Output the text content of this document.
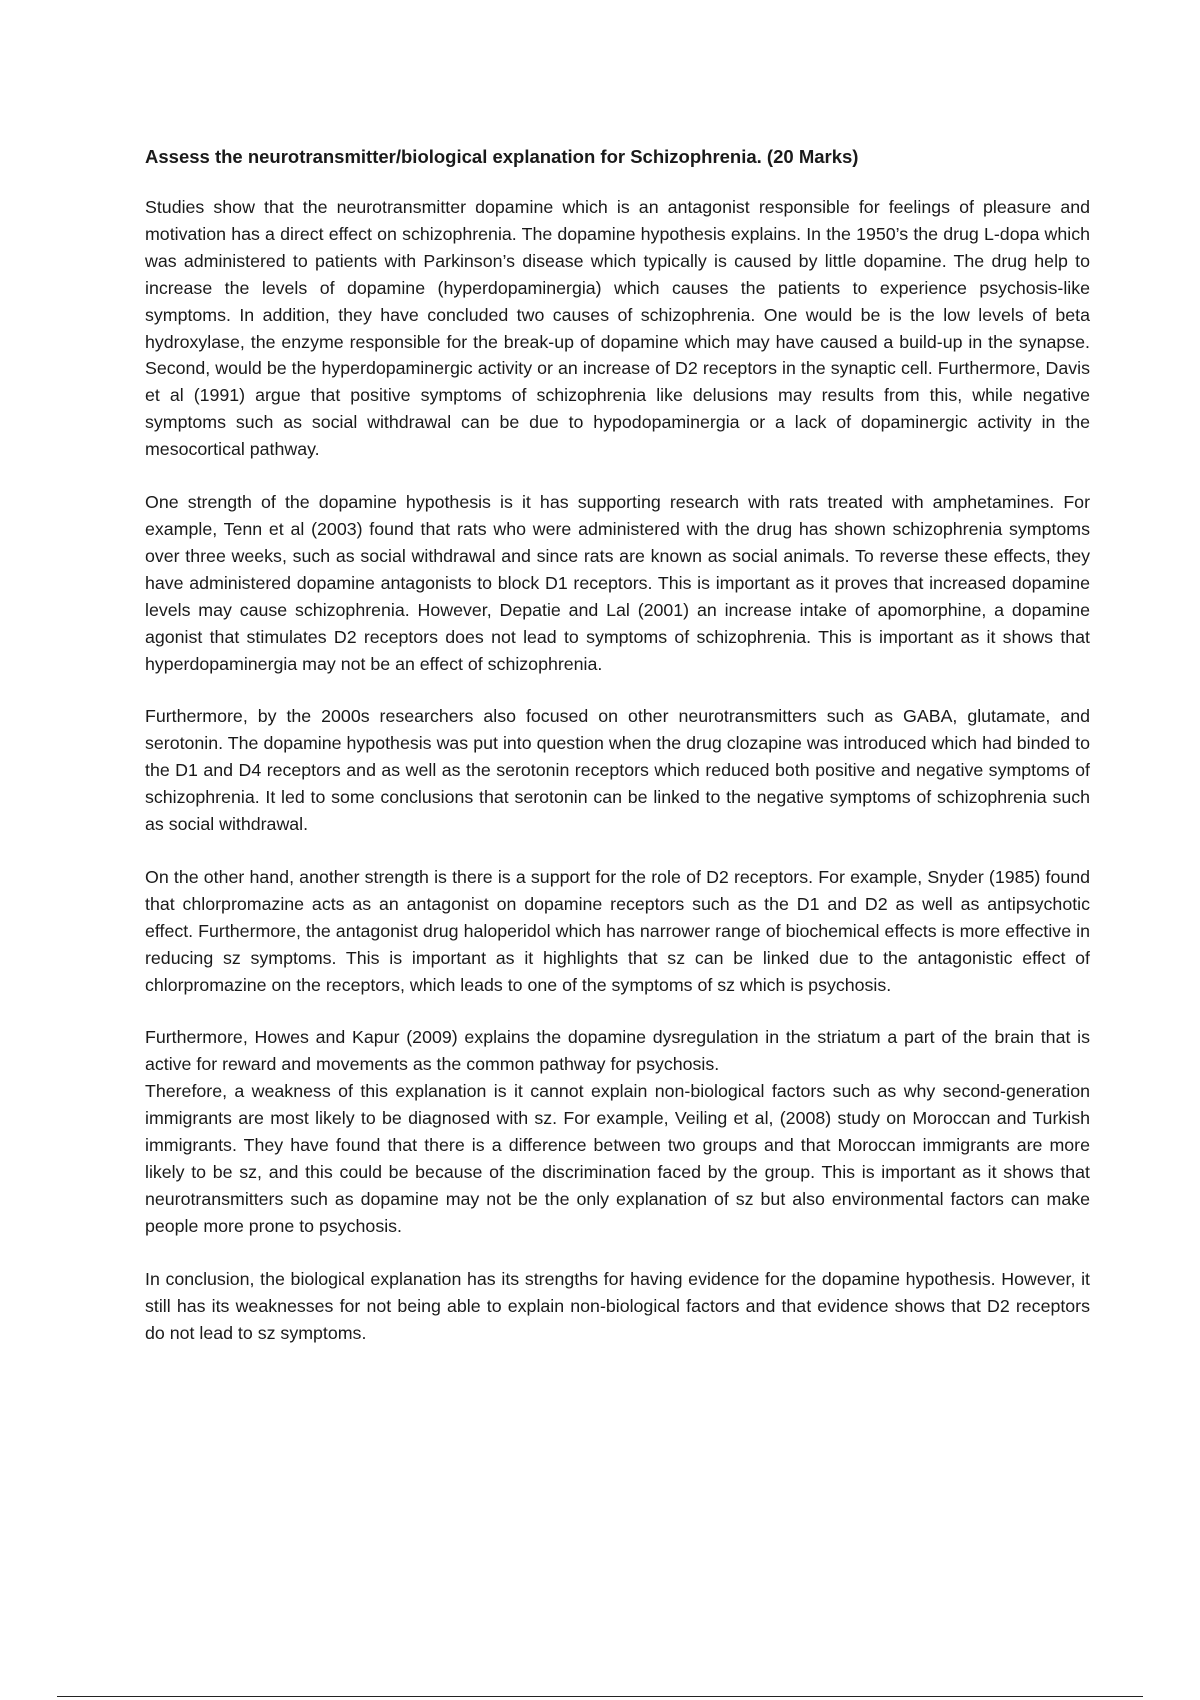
Assess the neurotransmitter/biological explanation for Schizophrenia. (20 Marks)

Studies show that the neurotransmitter dopamine which is an antagonist responsible for feelings of pleasure and motivation has a direct effect on schizophrenia. The dopamine hypothesis explains. In the 1950’s the drug L-dopa which was administered to patients with Parkinson’s disease which typically is caused by little dopamine. The drug help to increase the levels of dopamine (hyperdopaminergia) which causes the patients to experience psychosis-like symptoms. In addition, they have concluded two causes of schizophrenia. One would be is the low levels of beta hydroxylase, the enzyme responsible for the break-up of dopamine which may have caused a build-up in the synapse. Second, would be the hyperdopaminergic activity or an increase of D2 receptors in the synaptic cell. Furthermore, Davis et al (1991) argue that positive symptoms of schizophrenia like delusions may results from this, while negative symptoms such as social withdrawal can be due to hypodopaminergia or a lack of dopaminergic activity in the mesocortical pathway.

One strength of the dopamine hypothesis is it has supporting research with rats treated with amphetamines. For example, Tenn et al (2003) found that rats who were administered with the drug has shown schizophrenia symptoms over three weeks, such as social withdrawal and since rats are known as social animals. To reverse these effects, they have administered dopamine antagonists to block D1 receptors. This is important as it proves that increased dopamine levels may cause schizophrenia. However, Depatie and Lal (2001) an increase intake of apomorphine, a dopamine agonist that stimulates D2 receptors does not lead to symptoms of schizophrenia. This is important as it shows that hyperdopaminergia may not be an effect of schizophrenia.

Furthermore, by the 2000s researchers also focused on other neurotransmitters such as GABA, glutamate, and serotonin. The dopamine hypothesis was put into question when the drug clozapine was introduced which had binded to the D1 and D4 receptors and as well as the serotonin receptors which reduced both positive and negative symptoms of schizophrenia. It led to some conclusions that serotonin can be linked to the negative symptoms of schizophrenia such as social withdrawal.

On the other hand, another strength is there is a support for the role of D2 receptors. For example, Snyder (1985) found that chlorpromazine acts as an antagonist on dopamine receptors such as the D1 and D2 as well as antipsychotic effect. Furthermore, the antagonist drug haloperidol which has narrower range of biochemical effects is more effective in reducing sz symptoms. This is important as it highlights that sz can be linked due to the antagonistic effect of chlorpromazine on the receptors, which leads to one of the symptoms of sz which is psychosis.

Furthermore, Howes and Kapur (2009) explains the dopamine dysregulation in the striatum a part of the brain that is active for reward and movements as the common pathway for psychosis.

Therefore, a weakness of this explanation is it cannot explain non-biological factors such as why second-generation immigrants are most likely to be diagnosed with sz. For example, Veiling et al, (2008) study on Moroccan and Turkish immigrants. They have found that there is a difference between two groups and that Moroccan immigrants are more likely to be sz, and this could be because of the discrimination faced by the group. This is important as it shows that neurotransmitters such as dopamine may not be the only explanation of sz but also environmental factors can make people more prone to psychosis.

In conclusion, the biological explanation has its strengths for having evidence for the dopamine hypothesis. However, it still has its weaknesses for not being able to explain non-biological factors and that evidence shows that D2 receptors do not lead to sz symptoms.
